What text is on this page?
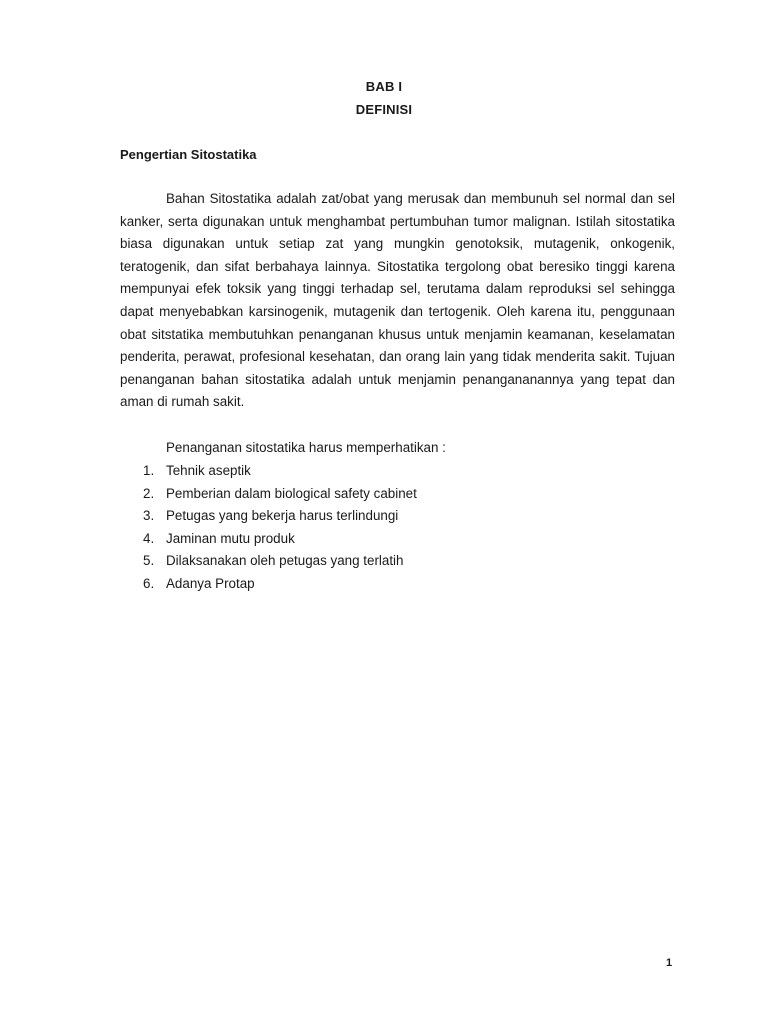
BAB I
DEFINISI
Pengertian Sitostatika

Bahan Sitostatika adalah zat/obat yang merusak dan membunuh sel normal dan sel kanker, serta digunakan untuk menghambat pertumbuhan tumor malignan. Istilah sitostatika biasa digunakan untuk setiap zat yang mungkin genotoksik, mutagenik, onkogenik, teratogenik, dan sifat berbahaya lainnya. Sitostatika tergolong obat beresiko tinggi karena mempunyai efek toksik yang tinggi terhadap sel, terutama dalam reproduksi sel sehingga dapat menyebabkan karsinogenik, mutagenik dan tertogenik. Oleh karena itu, penggunaan obat sitstatika membutuhkan penanganan khusus untuk menjamin keamanan, keselamatan penderita, perawat, profesional kesehatan, dan orang lain yang tidak menderita sakit. Tujuan penanganan bahan sitostatika adalah untuk menjamin penangananannya yang tepat dan aman di rumah sakit.

Penanganan sitostatika harus memperhatikan :
1. Tehnik aseptik
2. Pemberian dalam biological safety cabinet
3. Petugas yang bekerja harus terlindungi
4. Jaminan mutu produk
5. Dilaksanakan oleh petugas yang terlatih
6. Adanya Protap
1
